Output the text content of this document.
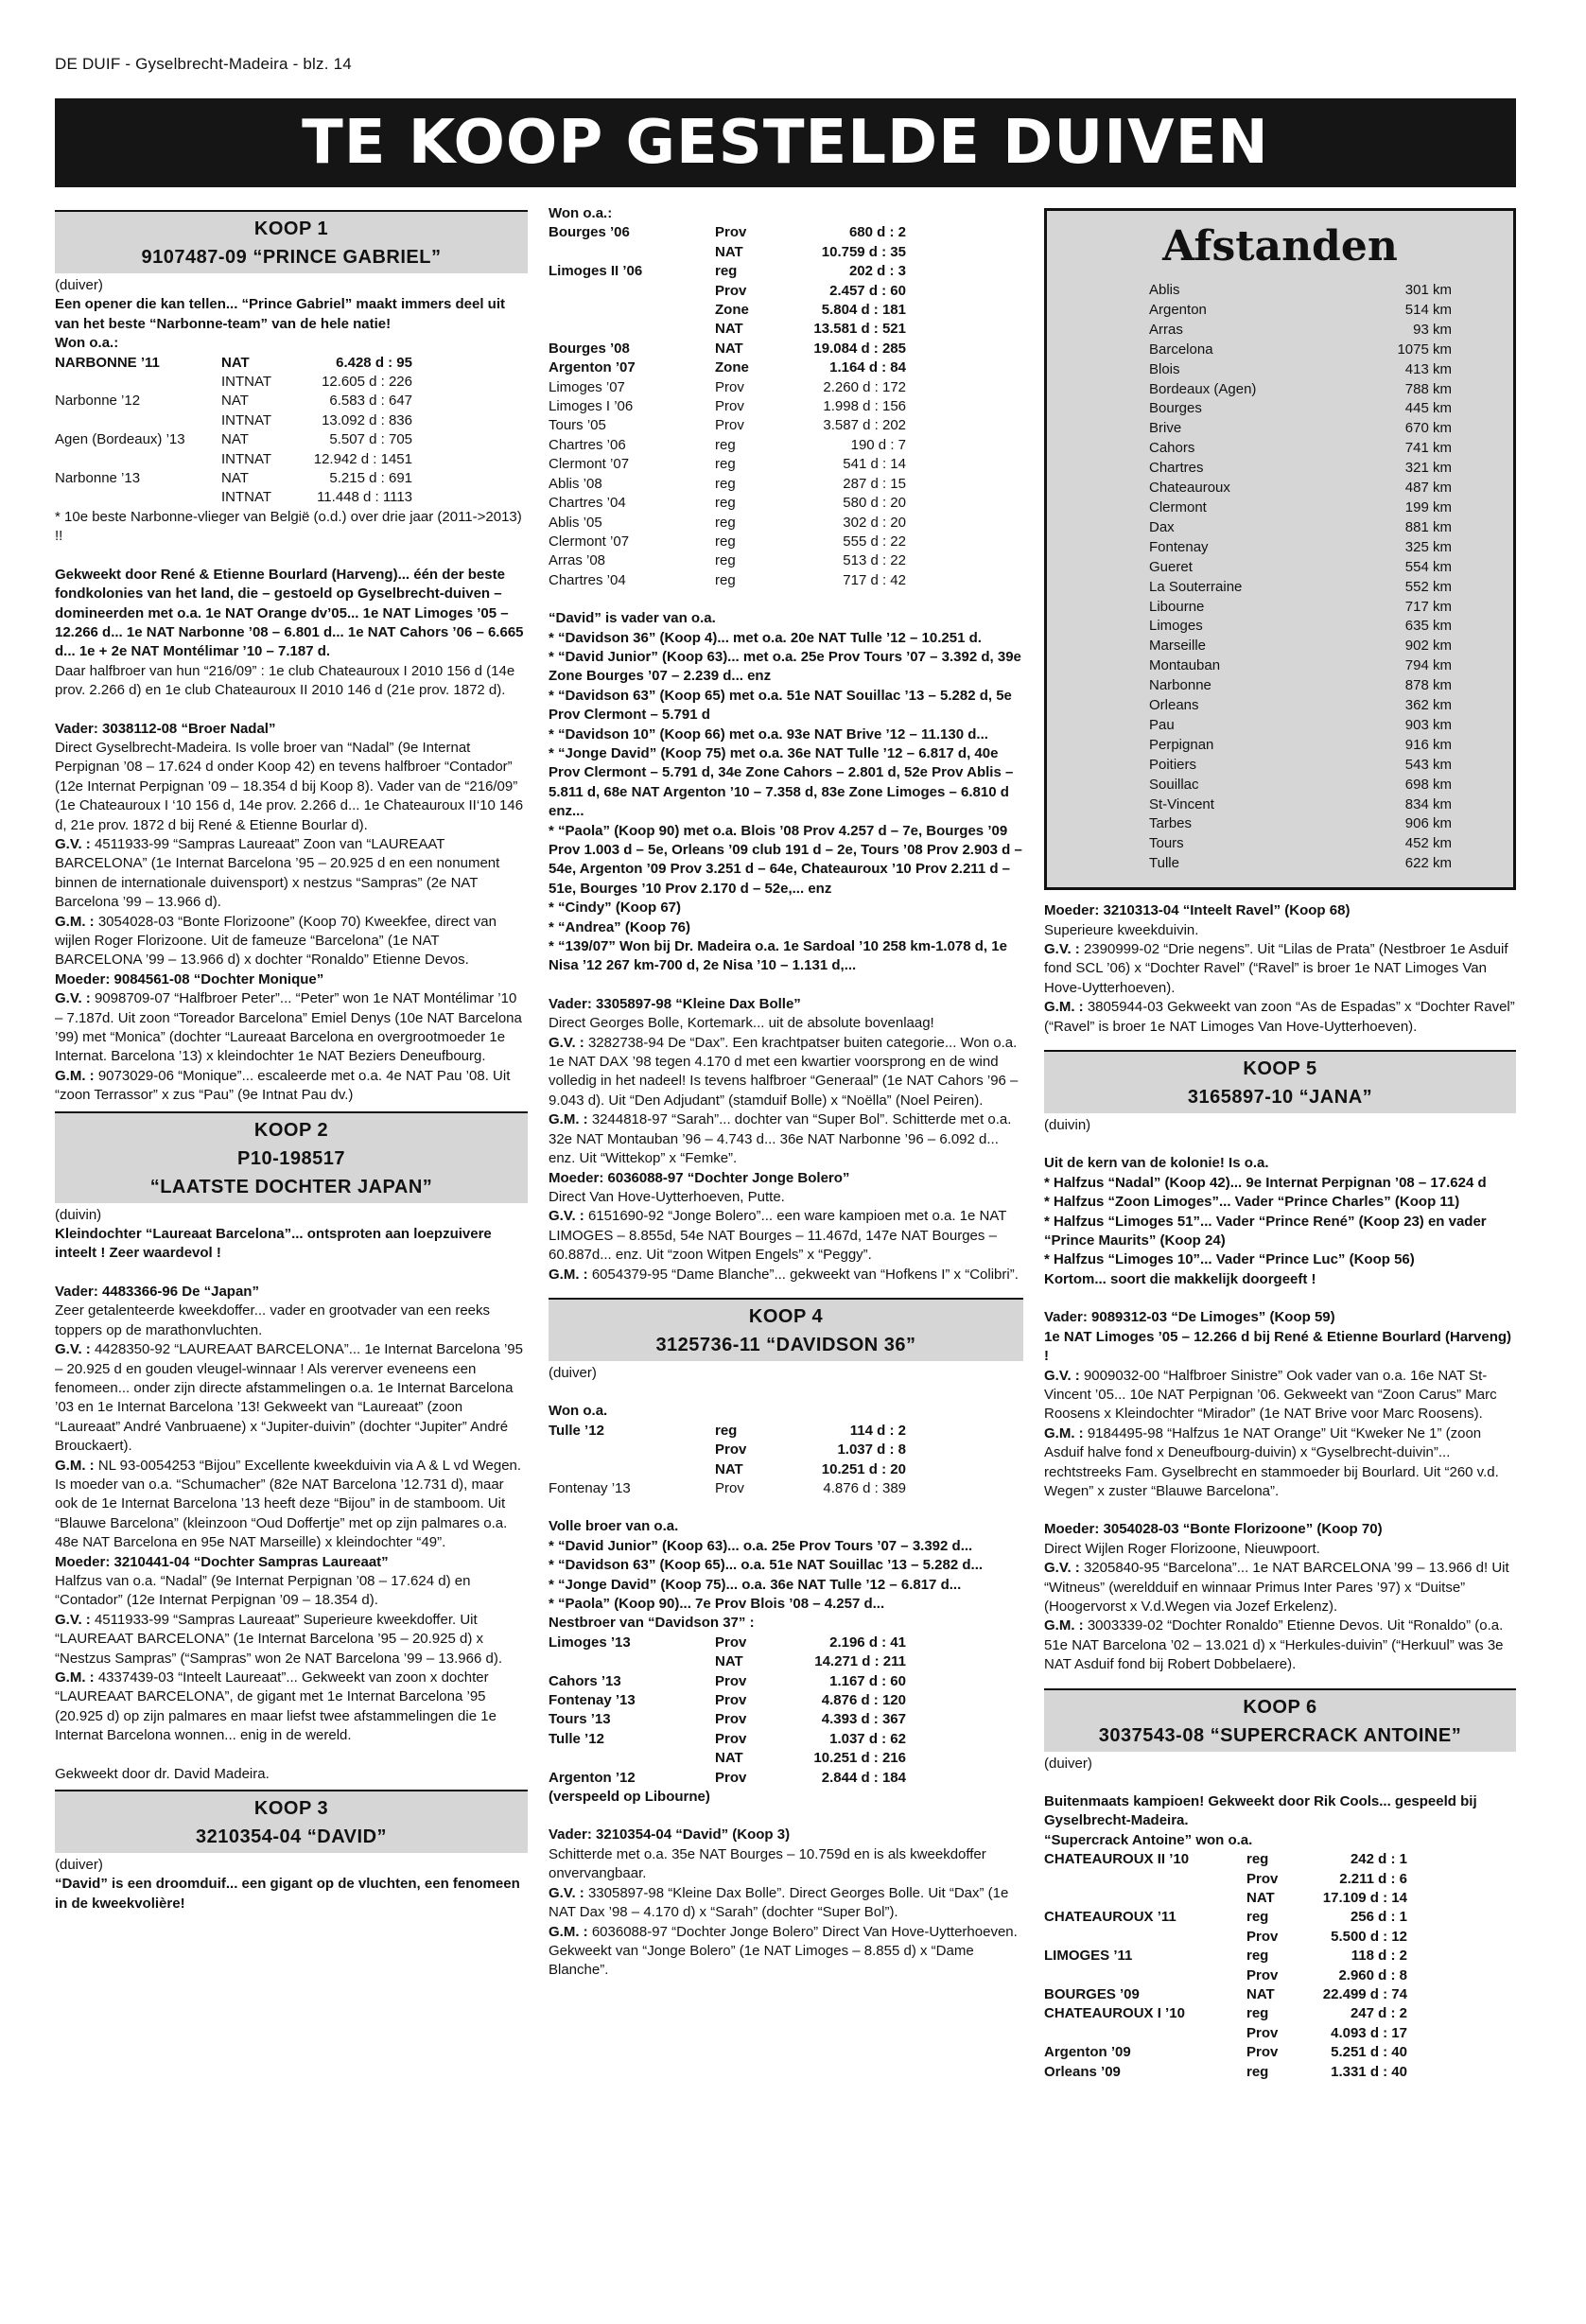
DE DUIF - Gyselbrecht-Madeira - blz. 14
TE KOOP GESTELDE DUIVEN
KOOP 1
9107487-09 “PRINCE GABRIEL”

(duiver)

Een opener die kan tellen... “Prince Gabriel” maakt immers deel uit van het beste “Narbonne-team” van de hele natie!

Won o.a.:

NARBONNE ’11	NAT	6.428 d : 95
INTNAT	12.605 d : 226
Narbonne ’12	NAT	6.583 d : 647
INTNAT	13.092 d : 836
Agen (Bordeaux) ’13	NAT	5.507 d : 705
INTNAT	12.942 d : 1451
Narbonne ’13	NAT	5.215 d : 691
INTNAT	11.448 d : 1113

* 10e beste Narbonne-vlieger van België (o.d.) over drie jaar (2011->2013) !!

Gekweekt door René & Etienne Bourlard (Harveng)... één der beste fondkolonies van het land, die – gestoeld op Gyselbrecht-duiven – domineerden met o.a. 1e NAT Orange dv’05... 1e NAT Limoges ’05 – 12.266 d... 1e NAT Narbonne ’08 – 6.801 d... 1e NAT Cahors ’06 – 6.665 d... 1e + 2e NAT Montélimar ’10 – 7.187 d.

Daar halfbroer van hun “216/09” : 1e club Chateauroux I 2010 156 d (14e prov. 2.266 d) en 1e club Chateauroux II 2010 146 d (21e prov. 1872 d).

Vader: 3038112-08 “Broer Nadal”

Direct Gyselbrecht-Madeira. Is volle broer van “Nadal” (9e Internat Perpignan ’08 – 17.624 d onder Koop 42) en tevens halfbroer “Contador” (12e Internat Perpignan ’09 – 18.354 d bij Koop 8). Vader van de “216/09” (1e Chateauroux I ‘10 156 d, 14e prov. 2.266 d... 1e Chateauroux II‘10 146 d, 21e prov. 1872 d bij René & Etienne Bourlar d).

G.V. : 4511933-99 “Sampras Laureaat” Zoon van “LAUREAAT BARCELONA” (1e Internat Barcelona ’95 – 20.925 d en een nonument binnen de internationale duivensport) x nestzus “Sampras” (2e NAT Barcelona ’99 – 13.966 d).

G.M. : 3054028-03 “Bonte Florizoone” (Koop 70) Kweekfee, direct van wijlen Roger Florizoone. Uit de fameuze “Barcelona” (1e NAT BARCELONA ’99 – 13.966 d) x dochter “Ronaldo” Etienne Devos.

Moeder: 9084561-08 “Dochter Monique”

G.V. : 9098709-07 “Halfbroer Peter”... “Peter” won 1e NAT Montélimar ’10 – 7.187d. Uit zoon “Toreador Barcelona” Emiel Denys (10e NAT Barcelona ’99) met “Monica” (dochter “Laureaat Barcelona en overgrootmoeder 1e Internat. Barcelona ’13) x kleindochter 1e NAT Beziers Deneufbourg.

G.M. : 9073029-06 “Monique”... escaleerde met o.a. 4e NAT Pau ’08. Uit “zoon Terrassor” x zus “Pau” (9e Intnat Pau dv.)

KOOP 2
P10-198517
“LAATSTE DOCHTER JAPAN”

(duivin)

Kleindochter “Laureaat Barcelona”... ontsproten aan loepzuivere inteelt ! Zeer waardevol !

Vader: 4483366-96 De “Japan”

Zeer getalenteerde kweekdoffer... vader en grootvader van een reeks toppers op de marathonvluchten.

G.V. : 4428350-92 “LAUREAAT BARCELONA”... 1e Internat Barcelona ’95 – 20.925 d en gouden vleugel-winnaar ! Als vererver eveneens een fenomeen... onder zijn directe afstammelingen o.a. 1e Internat Barcelona ’03 en 1e Internat Barcelona ’13! Gekweekt van “Laureaat” (zoon “Laureaat” André Vanbruaene) x “Jupiter-duivin” (dochter “Jupiter” André Brouckaert).

G.M. : NL 93-0054253 “Bijou” Excellente kweekduivin via A & L vd Wegen. Is moeder van o.a. “Schumacher” (82e NAT Barcelona ’12.731 d), maar ook de 1e Internat Barcelona ’13 heeft deze “Bijou” in de stamboom. Uit “Blauwe Barcelona” (kleinzoon “Oud Doffertje” met op zijn palmares o.a. 48e NAT Barcelona en 95e NAT Marseille) x kleindochter “49”.

Moeder: 3210441-04 “Dochter Sampras Laureaat”

Halfzus van o.a. “Nadal” (9e Internat Perpignan ’08 – 17.624 d) en “Contador” (12e Internat Perpignan ’09 – 18.354 d).

G.V. : 4511933-99 “Sampras Laureaat” Superieure kweekdoffer. Uit “LAUREAAT BARCELONA” (1e Internat Barcelona ’95 – 20.925 d) x “Nestzus Sampras” (“Sampras” won 2e NAT Barcelona ’99 – 13.966 d).

G.M. : 4337439-03 “Inteelt Laureaat”... Gekweekt van zoon x dochter “LAUREAAT BARCELONA”, de gigant met 1e Internat Barcelona ’95 (20.925 d) op zijn palmares en maar liefst twee afstammelingen die 1e Internat Barcelona wonnen... enig in de wereld.

Gekweekt door dr. David Madeira.

KOOP 3
3210354-04 “DAVID”

(duiver)

“David” is een droomduif... een gigant op de vluchten, een fenomeen in de kweekvolière!

Won o.a.:

Bourges ’06	Prov	680 d : 2
NAT	10.759 d : 35
Limoges II ’06	reg	202 d : 3
Prov	2.457 d : 60
Zone	5.804 d : 181
NAT	13.581 d : 521
Bourges ’08	NAT	19.084 d : 285
Argenton ’07	Zone	1.164 d : 84
Limoges ’07	Prov	2.260 d : 172
Limoges I ’06	Prov	1.998 d : 156
Tours ’05	Prov	3.587 d : 202
Chartres ’06	reg	190 d : 7
Clermont ’07	reg	541 d : 14
Ablis ’08	reg	287 d : 15
Chartres ’04	reg	580 d : 20
Ablis ’05	reg	302 d : 20
Clermont ’07	reg	555 d : 22
Arras ’08	reg	513 d : 22
Chartres ’04	reg	717 d : 42

“David” is vader van o.a.

* “Davidson 36” (Koop 4)... met o.a. 20e NAT Tulle ’12 – 10.251 d.
* “David Junior” (Koop 63)... met o.a. 25e Prov Tours ’07 – 3.392 d, 39e Zone Bourges ’07 – 2.239 d... enz
* “Davidson 63” (Koop 65) met o.a. 51e NAT Souillac ’13 – 5.282 d, 5e Prov Clermont – 5.791 d
* “Davidson 10” (Koop 66) met o.a. 93e NAT Brive ’12 – 11.130 d...
* “Jonge David” (Koop 75) met o.a. 36e NAT Tulle ’12 – 6.817 d, 40e Prov Clermont – 5.791 d, 34e Zone Cahors – 2.801 d, 52e Prov Ablis – 5.811 d, 68e NAT Argenton ’10 – 7.358 d, 83e Zone Limoges – 6.810 d enz...
* “Paola” (Koop 90) met o.a. Blois ’08 Prov 4.257 d – 7e, Bourges ’09 Prov 1.003 d – 5e, Orleans ’09 club 191 d – 2e, Tours ’08 Prov 2.903 d – 54e, Argenton ’09 Prov 3.251 d – 64e, Chateauroux ’10 Prov 2.211 d – 51e, Bourges ’10 Prov 2.170 d – 52e,... enz
* “Cindy” (Koop 67)
* “Andrea” (Koop 76)
* “139/07” Won bij Dr. Madeira o.a. 1e Sardoal ’10 258 km-1.078 d, 1e Nisa ’12 267 km-700 d, 2e Nisa ’10 – 1.131 d,...

Vader: 3305897-98 “Kleine Dax Bolle”

Direct Georges Bolle, Kortemark... uit de absolute bovenlaag!

G.V. : 3282738-94 De “Dax”. Een krachtpatser buiten categorie... Won o.a. 1e NAT DAX ’98 tegen 4.170 d met een kwartier voorsprong en de wind volledig in het nadeel! Is tevens halfbroer “Generaal” (1e NAT Cahors ’96 – 9.043 d). Uit “Den Adjudant” (stamduif Bolle) x “Noëlla” (Noel Peiren).

G.M. : 3244818-97 “Sarah”... dochter van “Super Bol”. Schitterde met o.a. 32e NAT Montauban ’96 – 4.743 d... 36e NAT Narbonne ’96 – 6.092 d... enz. Uit “Wittekop” x “Femke”.

Moeder: 6036088-97 “Dochter Jonge Bolero”

Direct Van Hove-Uytterhoeven, Putte.

G.V. : 6151690-92 “Jonge Bolero”... een ware kampioen met o.a. 1e NAT LIMOGES – 8.855d, 54e NAT Bourges – 11.467d, 147e NAT Bourges – 60.887d... enz. Uit “zoon Witpen Engels” x “Peggy”.

G.M. : 6054379-95 “Dame Blanche”... gekweekt van “Hofkens I” x “Colibri”.

KOOP 4
3125736-11 “DAVIDSON 36”

(duiver)

Won o.a.

Tulle ’12	reg	114 d : 2
Prov	1.037 d : 8
NAT	10.251 d : 20
Fontenay ’13	Prov	4.876 d : 389

Volle broer van o.a.

* “David Junior” (Koop 63)... o.a. 25e Prov Tours ’07 – 3.392 d...
* “Davidson 63” (Koop 65)... o.a. 51e NAT Souillac ’13 – 5.282 d...
* “Jonge David” (Koop 75)... o.a. 36e NAT Tulle ’12 – 6.817 d...
* “Paola” (Koop 90)... 7e Prov Blois ’08 – 4.257 d...

Nestbroer van “Davidson 37” :

Limoges ’13	Prov	2.196 d : 41
NAT	14.271 d : 211
Cahors ’13	Prov	1.167 d : 60
Fontenay ’13	Prov	4.876 d : 120
Tours ’13	Prov	4.393 d : 367
Tulle ’12	Prov	1.037 d : 62
NAT	10.251 d : 216
Argenton ’12	Prov	2.844 d : 184

(verspeeld op Libourne)

Vader: 3210354-04 “David” (Koop 3)

Schitterde met o.a. 35e NAT Bourges – 10.759d en is als kweekdoffer onvervangbaar.

G.V. : 3305897-98 “Kleine Dax Bolle”. Direct Georges Bolle. Uit “Dax” (1e NAT Dax ’98 – 4.170 d) x “Sarah” (dochter “Super Bol”).

G.M. : 6036088-97 “Dochter Jonge Bolero” Direct Van Hove-Uytterhoeven. Gekweekt van “Jonge Bolero” (1e NAT Limoges – 8.855 d) x “Dame Blanche”.

Afstanden
Ablis	301 km
Argenton	514 km
Arras	93 km
Barcelona	1075 km
Blois	413 km
Bordeaux (Agen)	788 km
Bourges	445 km
Brive	670 km
Cahors	741 km
Chartres	321 km
Chateauroux	487 km
Clermont	199 km
Dax	881 km
Fontenay	325 km
Gueret	554 km
La Souterraine	552 km
Libourne	717 km
Limoges	635 km
Marseille	902 km
Montauban	794 km
Narbonne	878 km
Orleans	362 km
Pau	903 km
Perpignan	916 km
Poitiers	543 km
Souillac	698 km
St-Vincent	834 km
Tarbes	906 km
Tours	452 km
Tulle	622 km

Moeder: 3210313-04 “Inteelt Ravel” (Koop 68)

Superieure kweekduivin.

G.V. : 2390999-02 “Drie negens”. Uit “Lilas de Prata” (Nestbroer 1e Asduif fond SCL ’06) x “Dochter Ravel” (“Ravel” is broer 1e NAT Limoges Van Hove-Uytterhoeven).

G.M. : 3805944-03 Gekweekt van zoon “As de Espadas” x “Dochter Ravel” (“Ravel” is broer 1e NAT Limoges Van Hove-Uytterhoeven).

KOOP 5
3165897-10 “JANA”

(duivin)

Uit de kern van de kolonie! Is o.a.
* Halfzus “Nadal” (Koop 42)... 9e Internat Perpignan ’08 – 17.624 d
* Halfzus “Zoon Limoges”... Vader “Prince Charles” (Koop 11)
* Halfzus “Limoges 51”... Vader “Prince René” (Koop 23) en vader “Prince Maurits” (Koop 24)
* Halfzus “Limoges 10”... Vader “Prince Luc” (Koop 56)
Kortom... soort die makkelijk doorgeeft !

Vader: 9089312-03 “De Limoges” (Koop 59)
1e NAT Limoges ’05 – 12.266 d bij René & Etienne Bourlard (Harveng) !

G.V. : 9009032-00 “Halfbroer Sinistre” Ook vader van o.a. 16e NAT St-Vincent ’05... 10e NAT Perpignan ’06. Gekweekt van “Zoon Carus” Marc Roosens x Kleindochter “Mirador” (1e NAT Brive voor Marc Roosens).

G.M. : 9184495-98 “Halfzus 1e NAT Orange” Uit “Kweker Ne 1” (zoon Asduif halve fond x Deneufbourg-duivin) x “Gyselbrecht-duivin”... rechtstreeks Fam. Gyselbrecht en stammoeder bij Bourlard. Uit “260 v.d. Wegen” x zuster “Blauwe Barcelona”.

Moeder: 3054028-03 “Bonte Florizoone” (Koop 70)

Direct Wijlen Roger Florizoone, Nieuwpoort.

G.V. : 3205840-95 “Barcelona”... 1e NAT BARCELONA ’99 – 13.966 d! Uit “Witneus” (wereldduif en winnaar Primus Inter Pares ’97) x “Duitse” (Hoogervorst x V.d.Wegen via Jozef Erkelenz).

G.M. : 3003339-02 “Dochter Ronaldo” Etienne Devos. Uit “Ronaldo” (o.a. 51e NAT Barcelona ’02 – 13.021 d) x “Herkules-duivin” (“Herkuul” was 3e NAT Asduif fond bij Robert Dobbelaere).

KOOP 6
3037543-08 “SUPERCRACK ANTOINE”

(duiver)

Buitenmaats kampioen! Gekweekt door Rik Cools... gespeeld bij Gyselbrecht-Madeira.
“Supercrack Antoine” won o.a.

CHATEAUROUX II ’10	reg	242 d : 1
Prov	2.211 d : 6
NAT	17.109 d : 14
CHATEAUROUX ’11	reg	256 d : 1
Prov	5.500 d : 12
LIMOGES ’11	reg	118 d : 2
Prov	2.960 d : 8
BOURGES ’09	NAT	22.499 d : 74
CHATEAUROUX I ’10	reg	247 d : 2
Prov	4.093 d : 17
Argenton ’09	Prov	5.251 d : 40
Orleans ’09	reg	1.331 d : 40
